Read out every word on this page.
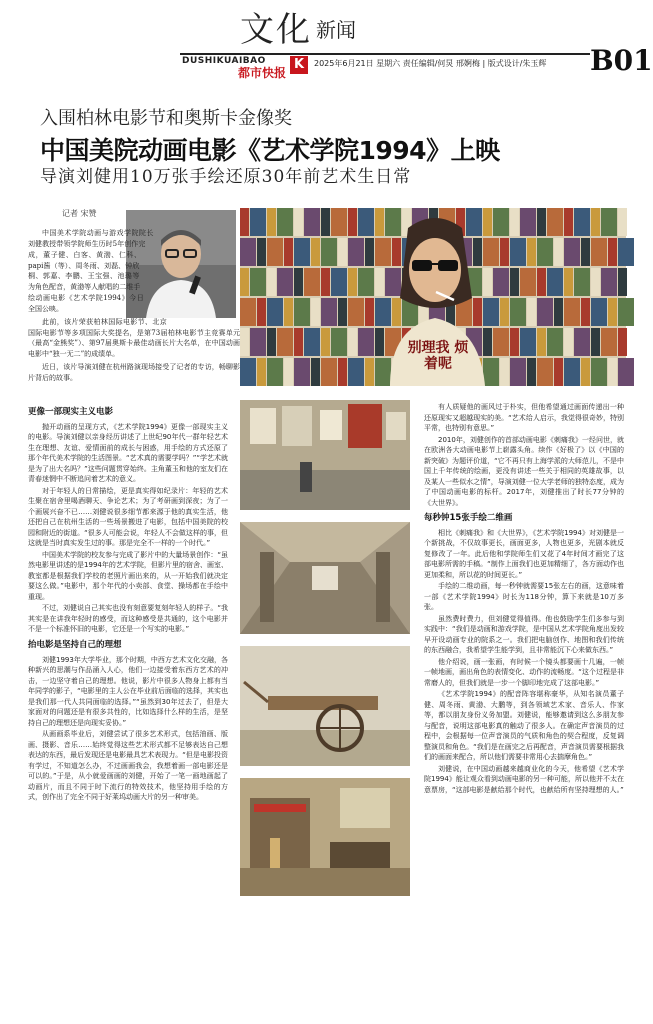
文化 新闻
DUSHIKUAIBAO
都市快报
K	2025年6月21日 星期六 责任编辑/何炅 邢婀梅 | 版式设计/朱玉辉 B01
入围柏林电影节和奥斯卡金像奖
中国美院动画电影《艺术学院1994》上映
导演刘健用10万张手绘还原30年前艺术生日常
记者 宋赞

中国美术学院动画与游戏学院院长刘健教授带领学院师生历时5年创作完成，董子健、白客、黄渤、仁科、papi酱（等）、周冬雨、刘磊、钟欣桐、郭嘉、李鹏、王宝强、池璐等为角色配音，黄渤等人献唱的二维手绘动画电影《艺术学院1994》今日全国公映。

此前，该片荣获柏林国际电影节、北京国际电影节等多项国际大奖提名，是第73届柏林电影节主竞赛单元（最高“金熊奖”）、第97届奥斯卡最佳动画长片大名单，在中国动画电影中“独一无二”的成绩单。

近日，该片导演刘健在杭州路演现场接受了记者的专访，畅聊影片背后的故事。

别理我 烦着呢
更像一部现实主义电影

抛开动画的呈现方式，《艺术学院1994》更像一部现实主义的电影。导演刘健以亲身经历讲述了上世纪90年代一群年轻艺术生在理想、友谊、爱情面前的成长与困惑，用手绘的方式还原了那个年代美术学院的生活图景。“艺术真的需要学吗？”“学艺术就是为了出大名吗？”这些问题贯穿始终。主角董玉和他的室友们在青春迷惘中不断追问着艺术的意义。

对于年轻人的日常描绘，更是真实得如纪录片：年轻的艺术生聚在宿舍里喝酒聊天、争论艺术；为了考研画到深夜；为了一个画展兴奋不已……刘健说很多细节都来源于他的真实生活，他还把自己在杭州生活的一些场景搬进了电影，包括中国美院的校园和附近的街道。“很多人可能会说，年轻人不会做这样的事，但这就是当时真实发生过的事。那是完全不一样的一个时代。”

中国美术学院的校友参与完成了影片中的大量场景创作：“虽然电影里讲述的是1994年的艺术学院，但影片里的宿舍、画室、教室都是根据我们学校的老照片画出来的，从一开始我们就决定要这么做。”电影中，那个年代的小卖部、食堂、操场都在手绘中重现。

不过，刘健说自己其实也没有刻意要复刻年轻人的样子。“我其实是在讲我年轻时的感受，而这种感受是共通的，这个电影并不是一个标准怀旧的电影，它还是一个写实的电影。”

抬电影是坚持自己的理想

刘健1993年大学毕业，那个时期，中西方艺术文化交融，各种新兴的思潮与作品涌入人心，他们一边接受着东西方艺术的冲击，一边坚守着自己的理想。他说，影片中很多人物身上都有当年同学的影子，“电影里的主人公在毕业前后面临的选择，其实也是我们那一代人共同面临的选择。”“虽然到30年过去了，但是大家面对的问题还是有很多共性的，比如选择什么样的生活，是坚持自己的理想还是向现实妥协。”

从画画系毕业后，刘健尝试了很多艺术形式，包括油画、版画、摄影、音乐……始终觉得这些艺术形式都不足够表达自己想表达的东西，最后发现还是电影最具艺术表现力。“但是电影投资有学过，不知道怎么办，不过画画我会，我想着画一部电影还是可以的。”于是，从小就爱画画的刘健，开始了一笔一画地画起了动画片，而且不同于时下流行的特效技术，他坚持用手绘的方式，创作出了完全不同于好莱坞动画大片的另一种审美。

有人质疑他的画风过于朴实，但他希望通过画面传递出一种还原现实又超越现实的美。“艺术给人启示，我觉得很奇妙，特别平常，也特别有意思。”

2010年，刘健创作的首部动画电影《刺痛我》一经问世，就在欧洲各大动画电影节上崭露头角。续作《好极了》以《中国的新突破》为题评价道，“它不再只有上海学派的大师范儿，不是中国上千年传统的绘画，更没有讲述一些关于相同的英雄故事，以及某人一些似水之情”，导演刘健一位大学老师的独特态度，成为了中国动画电影的标杆。2017年，刘健推出了时长77分钟的《大世界》。

每秒钟15张手绘二维画

相比《刺痛我》和《大世界》，《艺术学院1994》对刘健是一个新挑战，不仅故事更长，画面更多，人物也更多，光剧本就反复修改了一年。此后他和学院师生们又花了4年时间才画完了这部电影所需的手稿。“制作上面我们也更加精细了，各方面动作也更加柔和，所以花的时间更长。”

手绘的二维动画，每一秒钟就需要15张左右的画，这意味着一部《艺术学院1994》时长为118分钟，算下来就是10万多张。

虽然费时费力，但刘健觉得值得。他也鼓励学生们多参与到实践中：“我们是动画和游戏学院，是中国从艺术学院角度出发较早开设动画专业的院系之一。我们把电脑创作、地图和我们传统的东西融合，我希望学生能学到，且非常能沉下心来做东西。”

他介绍说，画一张画，有时候一个镜头都要画十几遍，一帧一帧地画，画出角色的表情变化、动作的流畅度。“这个过程是非常磨人的，但我们就是一步一个脚印地完成了这部电影。”

《艺术学院1994》的配音阵容堪称豪华，从知名演员董子健、周冬雨、黄渤、大鹏等，到各领域艺术家、音乐人、作家等，都以朋友身份义务加盟。刘健说，能够邀请到这么多朋友参与配音，说明这部电影真的触动了很多人。在确定声音演员的过程中，会根据每一位声音演员的气质和角色的契合程度，反复调整演员和角色。“我们是在画完之后再配音，声音演员需要根据我们的画面来配合，所以他们需要非常用心去揣摩角色。”

刘健说，在中国动画越来越商业化的今天，他希望《艺术学院1994》能让观众看到动画电影的另一种可能，所以他并不太在意票房，“这部电影是献给那个时代，也献给所有坚持理想的人。”
